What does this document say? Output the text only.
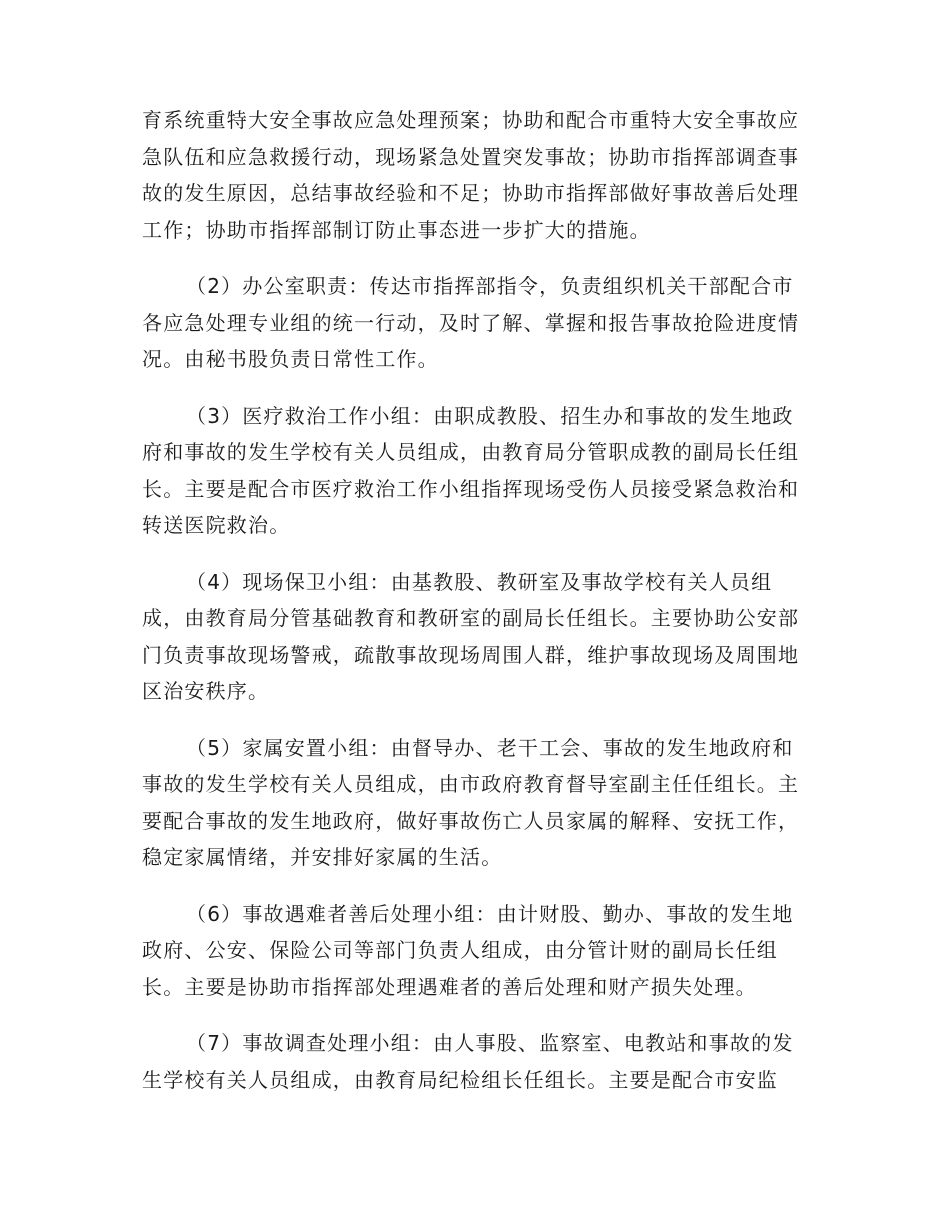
育系统重特大安全事故应急处理预案；协助和配合市重特大安全事故应急队伍和应急救援行动，现场紧急处置突发事故；协助市指挥部调查事故的发生原因，总结事故经验和不足；协助市指挥部做好事故善后处理工作；协助市指挥部制订防止事态进一步扩大的措施。

（2）办公室职责：传达市指挥部指令，负责组织机关干部配合市各应急处理专业组的统一行动，及时了解、掌握和报告事故抢险进度情况。由秘书股负责日常性工作。

（3）医疗救治工作小组：由职成教股、招生办和事故的发生地政府和事故的发生学校有关人员组成，由教育局分管职成教的副局长任组长。主要是配合市医疗救治工作小组指挥现场受伤人员接受紧急救治和转送医院救治。

（4）现场保卫小组：由基教股、教研室及事故学校有关人员组成，由教育局分管基础教育和教研室的副局长任组长。主要协助公安部门负责事故现场警戒，疏散事故现场周围人群，维护事故现场及周围地区治安秩序。

（5）家属安置小组：由督导办、老干工会、事故的发生地政府和事故的发生学校有关人员组成，由市政府教育督导室副主任任组长。主要配合事故的发生地政府，做好事故伤亡人员家属的解释、安抚工作，稳定家属情绪，并安排好家属的生活。

（6）事故遇难者善后处理小组：由计财股、勤办、事故的发生地政府、公安、保险公司等部门负责人组成，由分管计财的副局长任组长。主要是协助市指挥部处理遇难者的善后处理和财产损失处理。

（7）事故调查处理小组：由人事股、监察室、电教站和事故的发生学校有关人员组成，由教育局纪检组长任组长。主要是配合市安监
